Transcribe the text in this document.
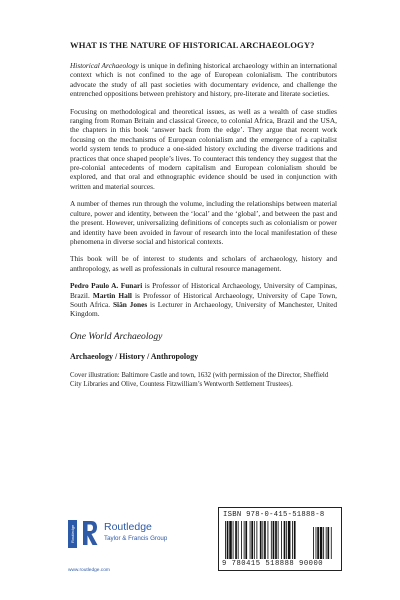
WHAT IS THE NATURE OF HISTORICAL ARCHAEOLOGY?

Historical Archaeology is unique in defining historical archaeology within an international context which is not confined to the age of European colonialism. The contributors advocate the study of all past societies with documentary evidence, and challenge the entrenched oppositions between prehistory and history, pre-literate and literate societies.

Focusing on methodological and theoretical issues, as well as a wealth of case studies ranging from Roman Britain and classical Greece, to colonial Africa, Brazil and the USA, the chapters in this book ‘answer back from the edge’. They argue that recent work focusing on the mechanisms of European colonialism and the emergence of a capitalist world system tends to produce a one-sided history excluding the diverse traditions and practices that once shaped people’s lives. To counteract this tendency they suggest that the pre-colonial antecedents of modern capitalism and European colonialism should be explored, and that oral and ethnographic evidence should be used in conjunction with written and material sources.

A number of themes run through the volume, including the relationships between material culture, power and identity, between the ‘local’ and the ‘global’, and between the past and the present. However, universalizing definitions of concepts such as colonialism or power and identity have been avoided in favour of research into the local manifestation of these phenomena in diverse social and historical contexts.

This book will be of interest to students and scholars of archaeology, history and anthropology, as well as professionals in cultural resource management.

Pedro Paulo A. Funari is Professor of Historical Archaeology, University of Campinas, Brazil. Martin Hall is Professor of Historical Archaeology, University of Cape Town, South Africa. Siân Jones is Lecturer in Archaeology, University of Manchester, United Kingdom.

One World Archaeology
Archaeology / History / Anthropology

Cover illustration: Baltimore Castle and town, 1632 (with permission of the Director, Sheffield City Libraries and Olive, Countess Fitzwilliam’s Wentworth Settlement Trustees).

Routledge	Routledge
Taylor & Francis Group
www.routledge.com
ISBN 978-0-415-51888-8
9 780415 518888 90000
